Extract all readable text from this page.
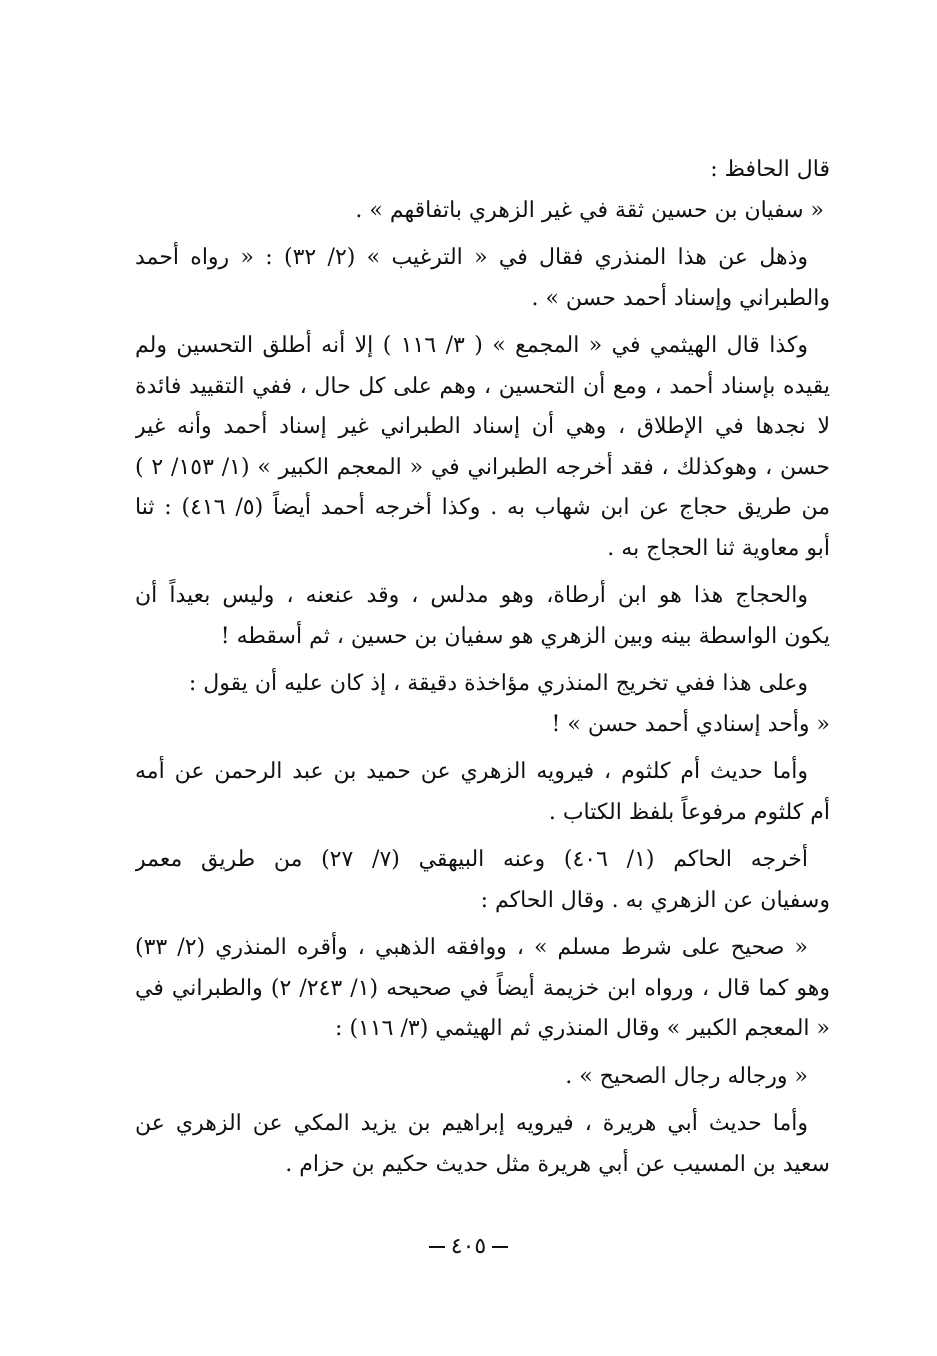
قال الحافظ :
« سفيان بن حسين ثقة في غير الزهري باتفاقهم » .
وذهل عن هذا المنذري فقال في « الترغيب » (٢/ ٣٢) : « رواه أحمد
والطبراني وإسناد أحمد حسن » .
وكذا قال الهيثمي في « المجمع » ( ٣/ ١١٦ ) إلا أنه أطلق التحسين ولم
يقيده بإسناد أحمد ، ومع أن التحسين ، وهم على كل حال ، ففي التقييد فائدة
لا نجدها في الإطلاق ، وهي أن إسناد الطبراني غير إسناد أحمد وأنه غير
حسن ، وهوكذلك ، فقد أخرجه الطبراني في « المعجم الكبير » (١/ ١٥٣/ ٢ )
من طريق حجاج عن ابن شهاب به . وكذا أخرجه أحمد أيضاً (٥/ ٤١٦) : ثنا
أبو معاوية ثنا الحجاج به .
والحجاج هذا هو ابن أرطاة، وهو مدلس ، وقد عنعنه ، وليس بعيداً أن
يكون الواسطة بينه وبين الزهري هو سفيان بن حسين ، ثم أسقطه !
وعلى هذا ففي تخريج المنذري مؤاخذة دقيقة ، إذ كان عليه أن يقول :
« وأحد إسنادي أحمد حسن » !
وأما حديث أم كلثوم ، فيرويه الزهري عن حميد بن عبد الرحمن عن أمه
أم كلثوم مرفوعاً بلفظ الكتاب .
أخرجه الحاكم (١/ ٤٠٦) وعنه البيهقي (٧/ ٢٧) من طريق معمر
وسفيان عن الزهري به . وقال الحاكم :
« صحيح على شرط مسلم » ، ووافقه الذهبي ، وأقره المنذري (٢/ ٣٣)
وهو كما قال ، ورواه ابن خزيمة أيضاً في صحيحه (١/ ٢٤٣/ ٢) والطبراني في
« المعجم الكبير » وقال المنذري ثم الهيثمي (٣/ ١١٦) :
« ورجاله رجال الصحيح » .
وأما حديث أبي هريرة ، فيرويه إبراهيم بن يزيد المكي عن الزهري عن
سعيد بن المسيب عن أبي هريرة مثل حديث حكيم بن حزام .
٤٠٥
